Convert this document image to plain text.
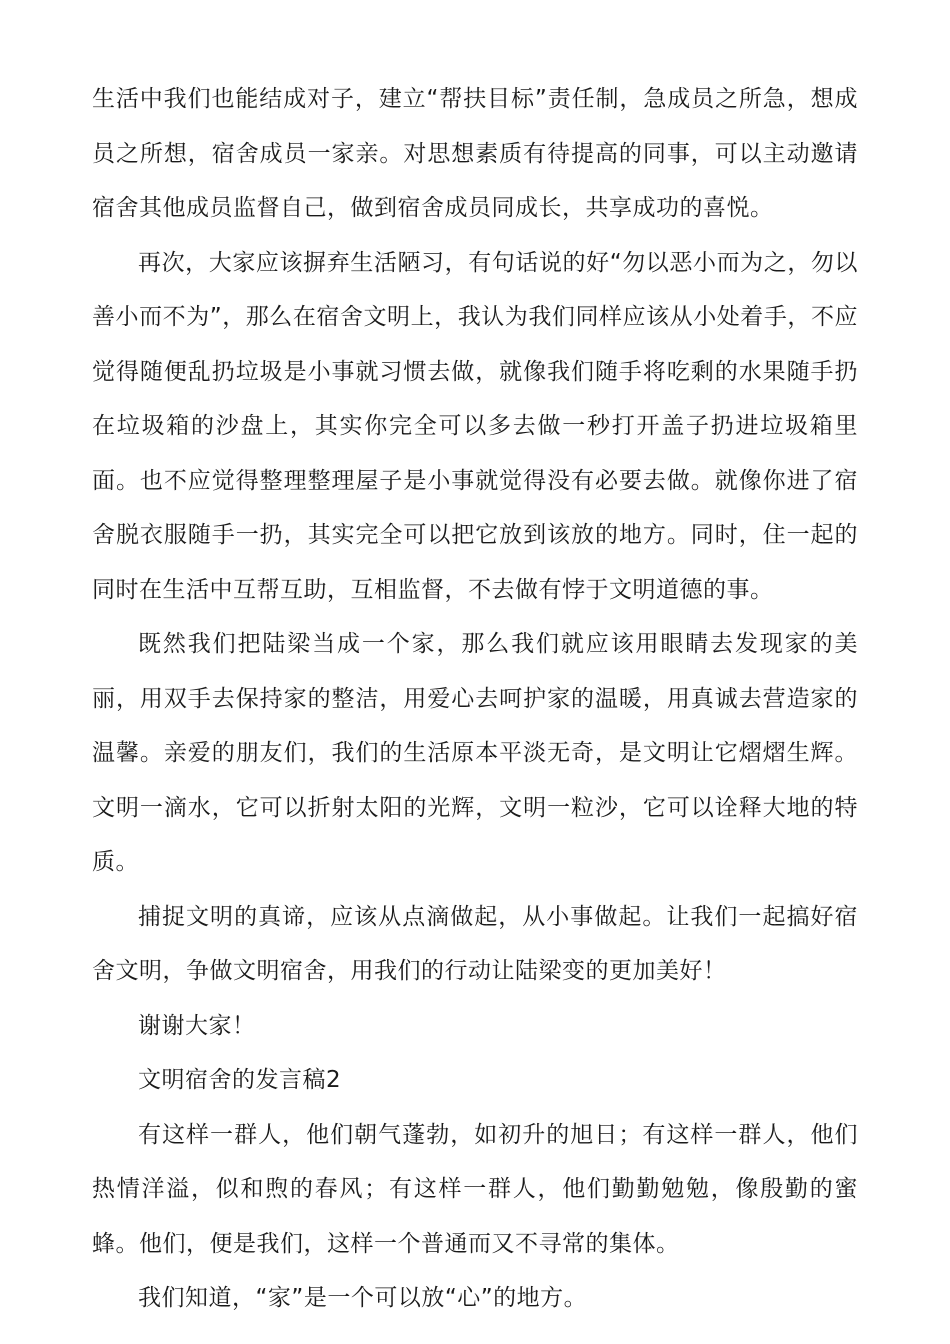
生活中我们也能结成对子，建立“帮扶目标”责任制，急成员之所急，想成员之所想，宿舍成员一家亲。对思想素质有待提高的同事，可以主动邀请宿舍其他成员监督自己，做到宿舍成员同成长，共享成功的喜悦。

再次，大家应该摒弃生活陋习，有句话说的好“勿以恶小而为之，勿以善小而不为”，那么在宿舍文明上，我认为我们同样应该从小处着手，不应觉得随便乱扔垃圾是小事就习惯去做，就像我们随手将吃剩的水果随手扔在垃圾箱的沙盘上，其实你完全可以多去做一秒打开盖子扔进垃圾箱里面。也不应觉得整理整理屋子是小事就觉得没有必要去做。就像你进了宿舍脱衣服随手一扔，其实完全可以把它放到该放的地方。同时，住一起的同时在生活中互帮互助，互相监督，不去做有悖于文明道德的事。

既然我们把陆梁当成一个家，那么我们就应该用眼睛去发现家的美丽，用双手去保持家的整洁，用爱心去呵护家的温暖，用真诚去营造家的温馨。亲爱的朋友们，我们的生活原本平淡无奇，是文明让它熠熠生辉。文明一滴水，它可以折射太阳的光辉，文明一粒沙，它可以诠释大地的特质。

捕捉文明的真谛，应该从点滴做起，从小事做起。让我们一起搞好宿舍文明，争做文明宿舍，用我们的行动让陆梁变的更加美好！

谢谢大家！

文明宿舍的发言稿2

有这样一群人，他们朝气蓬勃，如初升的旭日；有这样一群人，他们热情洋溢，似和煦的春风；有这样一群人，他们勤勤勉勉，像殷勤的蜜蜂。他们，便是我们，这样一个普通而又不寻常的集体。

我们知道，“家”是一个可以放“心”的地方。
